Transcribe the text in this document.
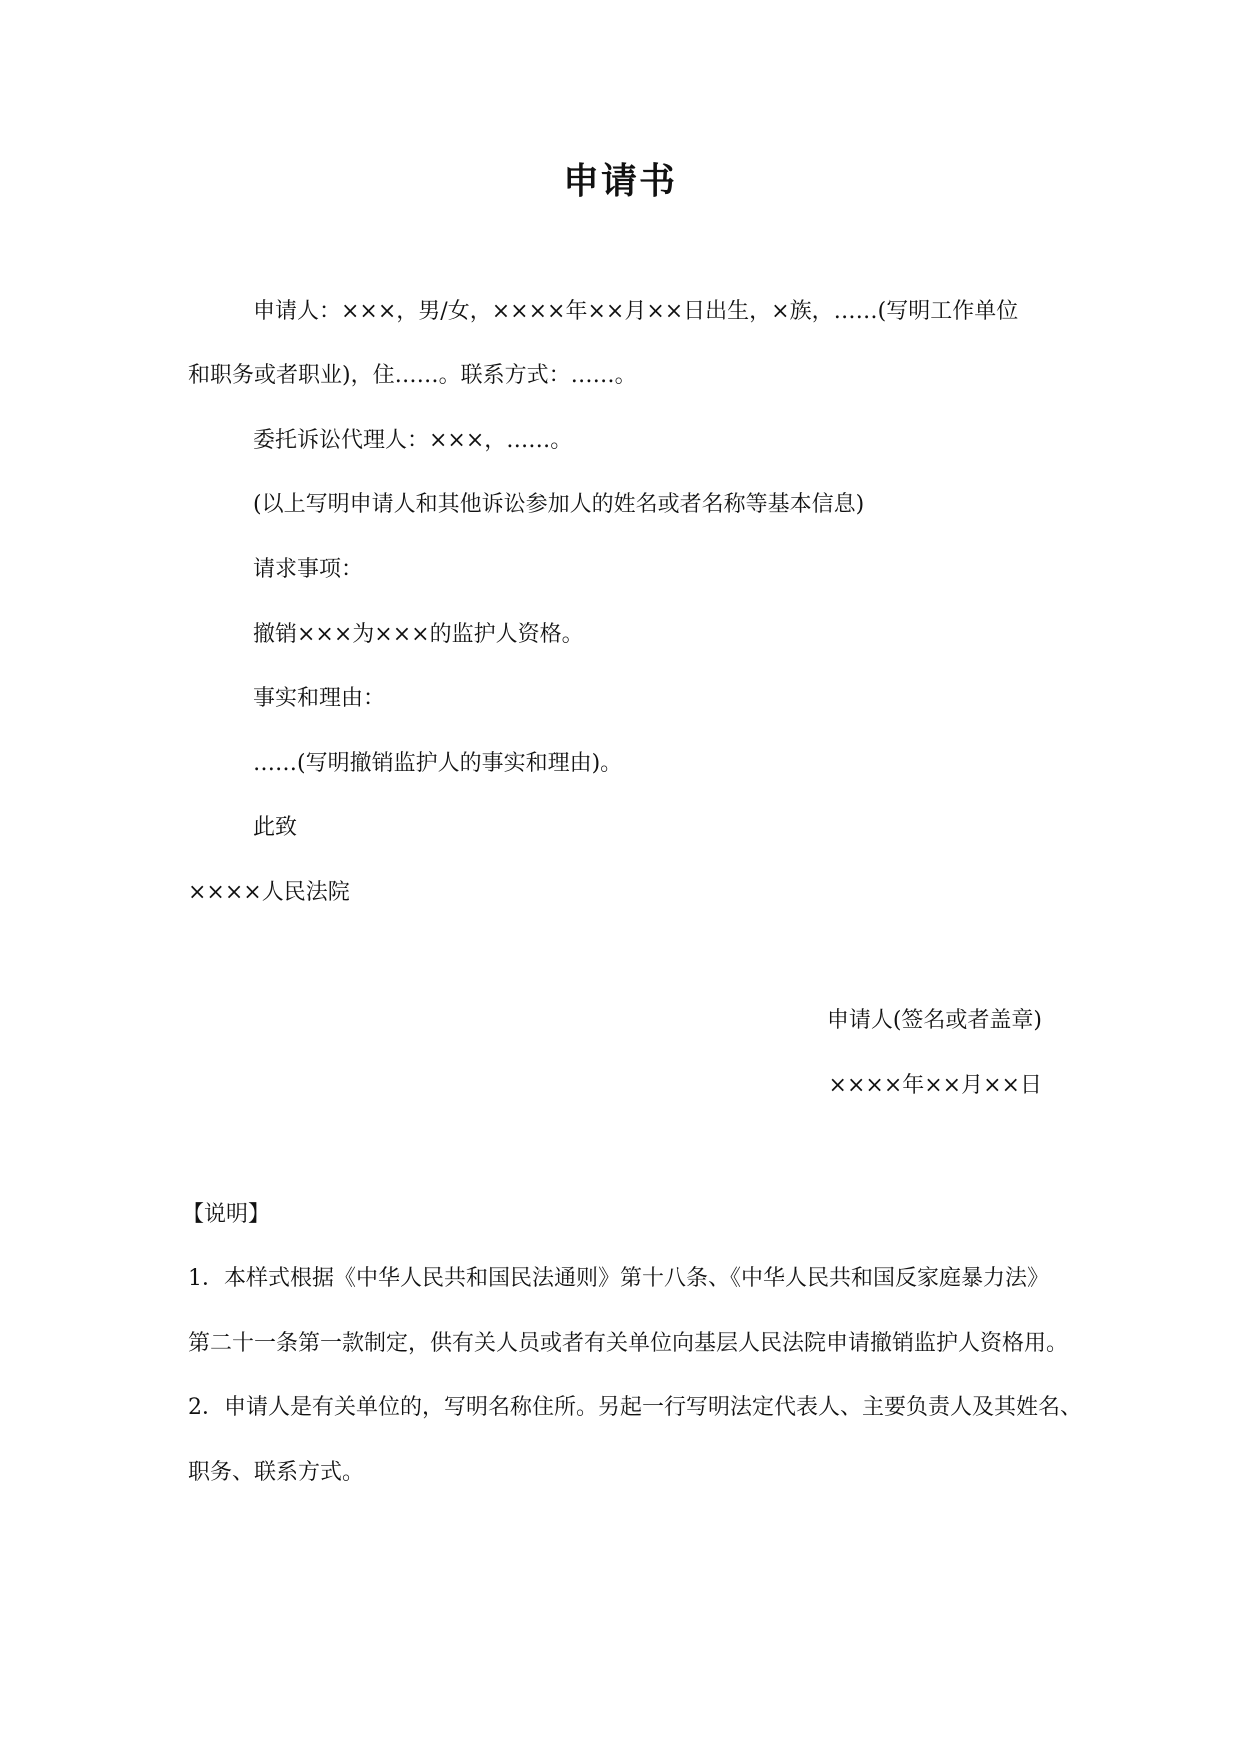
申请书
申请人：×××，男/女，××××年××月××日出生，×族，……(写明工作单位
和职务或者职业)，住……。联系方式：……。
委托诉讼代理人：×××，……。
(以上写明申请人和其他诉讼参加人的姓名或者名称等基本信息)
请求事项：
撤销×××为×××的监护人资格。
事实和理由：
……(写明撤销监护人的事实和理由)。
此致
××××人民法院
申请人(签名或者盖章)
××××年××月××日
【说明】
1．本样式根据《中华人民共和国民法通则》第十八条、《中华人民共和国反家庭暴力法》
第二十一条第一款制定，供有关人员或者有关单位向基层人民法院申请撤销监护人资格用。
2．申请人是有关单位的，写明名称住所。另起一行写明法定代表人、主要负责人及其姓名、
职务、联系方式。
